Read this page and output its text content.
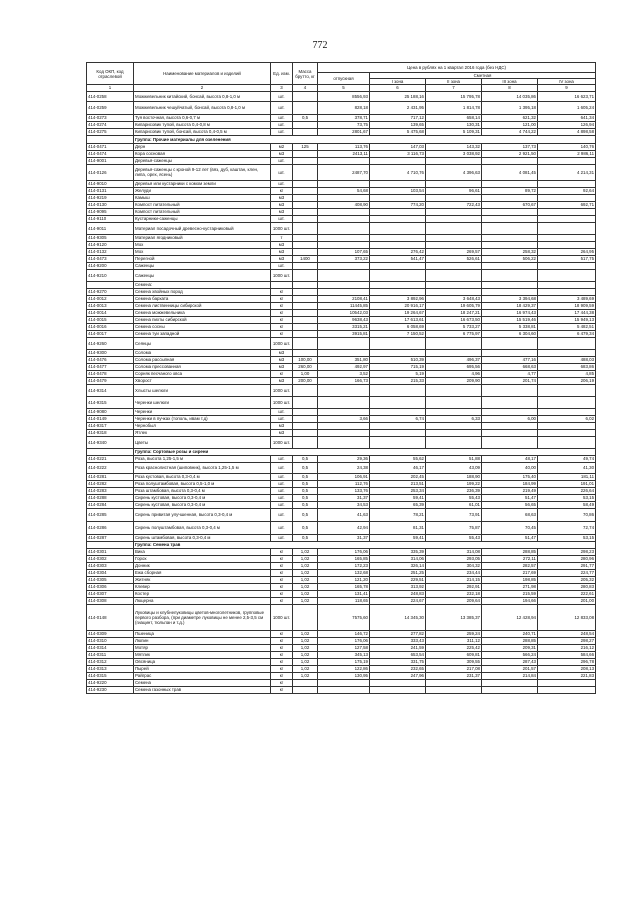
772
Код ОКП, код отраслевой	Наименование материалов и изделий	Ед. изм.	Масса брутто, кг	Цена в рублях на 1 квартал 2016 года (без НДС)				
				отпускная	Сметная			
					I зона	II зона	III зона	IV зона
1	2	3	4	5	6	7	8	9
414-0258	Можжевельник китайский, бонсай, высота 0,8-1,0 м	шт.		8556,93	25 188,16	15 795,78	14 035,86	16 623,71
414-0259	Можжевельник чешуйчатый, бонсай, высота 0,8-1,0 м	шт.		828,18	2 431,95	1 814,78	1 395,18	1 605,24
414-0273	Туя восточная, высота 0,6-0,7 м	шт.	0,5	378,71	717,12	658,14	621,32	641,34
414-0274	Кипарисовик тупой, высота 0,4-0,8 м	шт.		73,75	139,65	130,31	121,00	126,94
414-0275	Кипарисовик тупой, бонсай, высота 0,4-0,5 м	шт.		2801,67	5 475,68	5 109,31	4 744,22	4 898,58
	Группа: Прочие материалы для озеленения							
414-0471	Дерн	м2	125	113,76	147,03	143,32	137,73	140,76
414-0474	Кора сосновая	м3		2413,11	3 116,73	3 038,92	2 921,50	2 986,11
414-9001	Деревья-саженцы	шт.						
414-0126	Деревья-саженцы с кроной 9-12 лет (вяз, дуб, каштан, клен, липа, орех, ясень)	шт.		2487,70	4 710,76	4 396,63	4 081,45	4 214,31
414-9010	Деревья или кустарники с комом земли	шт.						
414-0131	Желуди	кг		54,68	103,54	96,61	89,72	92,64
414-9219	Камыш	м3						
414-0130	Компост питательный	м3		408,90	774,20	722,43	670,67	692,71
414-9095	Компост питательный	м3						
414-9110	Кустарники-саженцы	шт.						
414-9011	Материал посадочный древесно-кустарниковый	1000 шт.						
414-9305	Материал ягодниковый	т						
414-9120	Мох	м3						
414-0132	Мох	м3		107,65	276,42	269,57	258,32	264,95
414-0473	Перегной	м3	1400	373,22	541,47	526,61	506,22	517,75
414-9200	Саженцы	шт.						
414-9210	Саженцы	1000 шт.						
	Семена:							
414-9270	Семена хвойных пород	кг						
414-0012	Семена бархата	кг		2108,41	3 892,96	3 648,43	3 394,68	3 489,69
414-0013	Семена лиственницы сибирской	кг		11445,85	20 916,17	19 605,79	18 429,37	18 909,59
414-0014	Семена можжевельника	кг		10542,03	19 264,67	18 247,21	16 974,43	17 444,38
414-0015	Семена пихты сибирской	кг		9638,43	17 613,61	16 673,50	15 519,46	15 949,13
414-0016	Семена сосны	кг		3315,21	6 058,69	5 733,27	5 338,81	5 482,51
414-0017	Семена туи западной	кг		3915,81	7 150,52	6 775,97	6 304,60	6 479,34
414-9260	Сеянцы	1000 шт.						
414-9300	Солома	м3						
414-0476	Солома рассыпная	м3	100,00	351,80	510,39	496,37	477,16	488,03
414-0477	Солома прессованная	м3	260,00	492,97	715,19	695,56	668,63	683,86
414-0478	Сорняк песчаного овса	кг	1,00	3,52	5,19	4,96	4,77	4,85
414-0479	Хворост	м3	200,00	166,73	215,33	209,90	201,74	206,19
414-9314	Хлысты шелюги	1000 шт.						
414-9315	Черенки шелюги	1000 шт.						
414-9080	Черенки	шт.						
414-0149	Черенки в пучках (тополь, ивам т.д)	шт.		3,66	6,74	6,33	6,00	6,02
414-9317	Чернобыл	м3						
414-9318	Ятлек	м3						
414-9340	Цветы	1000 шт.						
	Группа: Сортовые розы и сирени							
414-0221	Роза, высота 1,25-1,5 м	шт.	0,5	29,36	55,62	51,88	48,17	49,74
414-0222	Роза краснолистная (шиповник), высота 1,25-1,5 м	шт.	0,5	24,38	46,17	43,09	40,00	41,30
414-0281	Роза кустовая, высота 0,3-0,4 м	шт.	0,5	106,91	202,45	188,90	175,40	181,11
414-0282	Роза полуштамбовая, высота 0,5-1,0 м	шт.	0,5	112,76	213,51	199,22	184,99	191,01
414-0283	Роза штамбовая, высота 0,3-0,4 м	шт.	0,5	133,76	253,34	236,39	219,49	226,64
414-0288	Сирень кустовая, высота 0,3-0,4 м	шт.	0,5	31,37	59,41	55,43	51,47	53,15
414-0284	Сирень кустовая, высота 0,3-0,4 м	шт.	0,5	34,53	65,39	61,01	56,65	58,49
414-0285	Сирень привитая улучшенная, высота 0,3-0,4 м	шт.	0,5	41,63	78,21	73,91	68,63	70,86
414-0286	Сирень полуштамбовая, высота 0,3-0,4 м	шт.	0,5	42,94	81,31	75,87	70,45	72,74
414-0287	Сирень штамбовая, высота 0,3-0,4 м	шт.	0,5	31,37	59,41	55,43	51,47	53,15
	Группа: Семена трав							
414-0301	Вика	кг	1,02	176,06	335,39	314,08	288,85	298,23
414-0302	Горох	кг	1,02	165,85	314,06	293,05	272,11	280,96
414-0303	Донник	кг	1,02	172,23	326,14	304,32	282,57	291,77
414-0304	Ежа сборная	кг	1,02	132,68	251,25	234,44	217,69	224,77
414-0305	Житняк	кг	1,02	121,20	229,51	214,15	198,85	205,32
414-0306	Клевер	кг	1,02	165,78	313,92	292,91	271,98	280,83
414-0307	Костер	кг	1,02	131,41	248,83	232,18	215,59	222,61
414-0308	Люцерна	кг	1,02	118,65	224,67	209,64	194,66	201,00
414-0148	Луковицы и клубнелуковицы цветов-многолетников, групповые первого разбора, (при диаметре луковицы не менее 2,5-3,5 см (гиацинт, тюльпан и т.д.)	1000 шт.		7575,60	14 345,30	13 385,37	12 428,94	12 833,08
414-0309	Пшеница	кг	1,02	146,72	277,82	259,24	240,71	248,54
414-0310	Люпин	кг	1,02	176,06	333,43	311,12	288,85	298,27
414-0314	Мотяр	кг	1,02	127,58	241,59	225,42	209,31	216,12
414-0311	Мятлик	кг	1,02	345,13	653,54	609,81	566,24	584,66
414-0312	Овсяница	кг	1,02	175,19	331,75	309,55	287,43	296,78
414-0313	Пырей	кг	1,02	122,86	232,65	217,08	201,57	208,13
414-0315	Райграс	кг	1,02	130,95	247,96	231,37	214,84	221,83
414-9220	Семена	кг						
414-9230	Семена газонных трав	кг						
